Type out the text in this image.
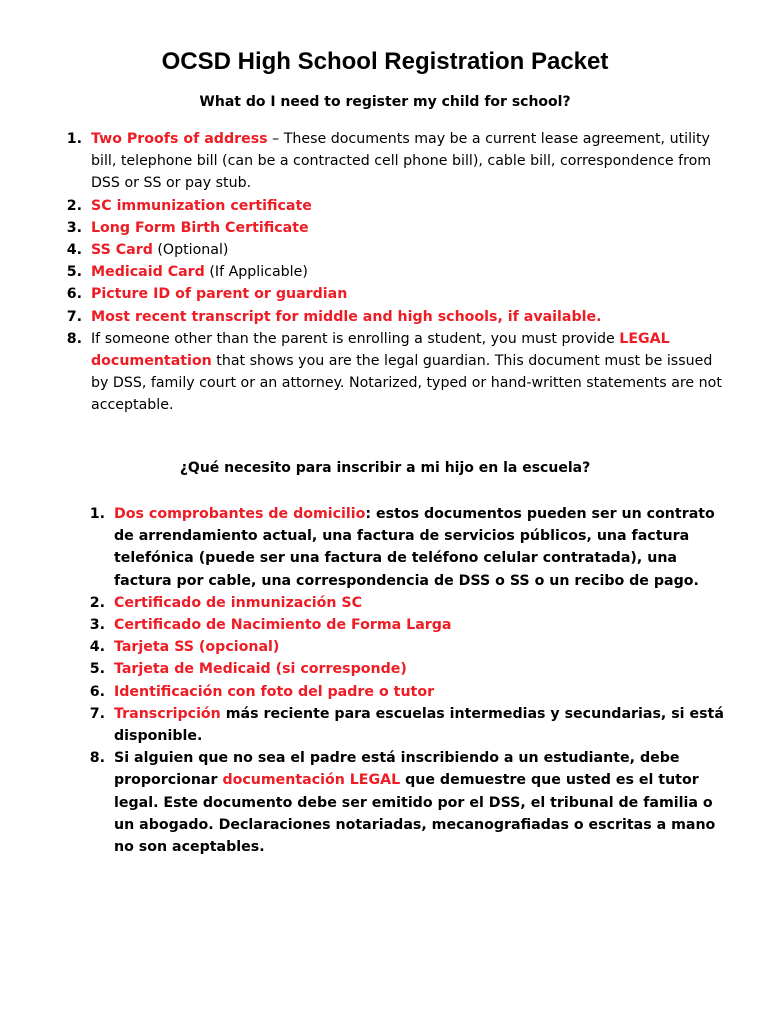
OCSD High School Registration Packet
What do I need to register my child for school?
1. Two Proofs of address – These documents may be a current lease agreement, utility bill, telephone bill (can be a contracted cell phone bill), cable bill, correspondence from DSS or SS or pay stub.
2. SC immunization certificate
3. Long Form Birth Certificate
4. SS Card (Optional)
5. Medicaid Card (If Applicable)
6. Picture ID of parent or guardian
7. Most recent transcript for middle and high schools, if available.
8. If someone other than the parent is enrolling a student, you must provide LEGAL documentation that shows you are the legal guardian. This document must be issued by DSS, family court or an attorney. Notarized, typed or hand-written statements are not acceptable.
¿Qué necesito para inscribir a mi hijo en la escuela?
1. Dos comprobantes de domicilio: estos documentos pueden ser un contrato de arrendamiento actual, una factura de servicios públicos, una factura telefónica (puede ser una factura de teléfono celular contratada), una factura por cable, una correspondencia de DSS o SS o un recibo de pago.
2. Certificado de inmunización SC
3. Certificado de Nacimiento de Forma Larga
4. Tarjeta SS (opcional)
5. Tarjeta de Medicaid (si corresponde)
6. Identificación con foto del padre o tutor
7. Transcripción más reciente para escuelas intermedias y secundarias, si está disponible.
8. Si alguien que no sea el padre está inscribiendo a un estudiante, debe proporcionar documentación LEGAL que demuestre que usted es el tutor legal. Este documento debe ser emitido por el DSS, el tribunal de familia o un abogado. Declaraciones notariadas, mecanografiadas o escritas a mano no son aceptables.
